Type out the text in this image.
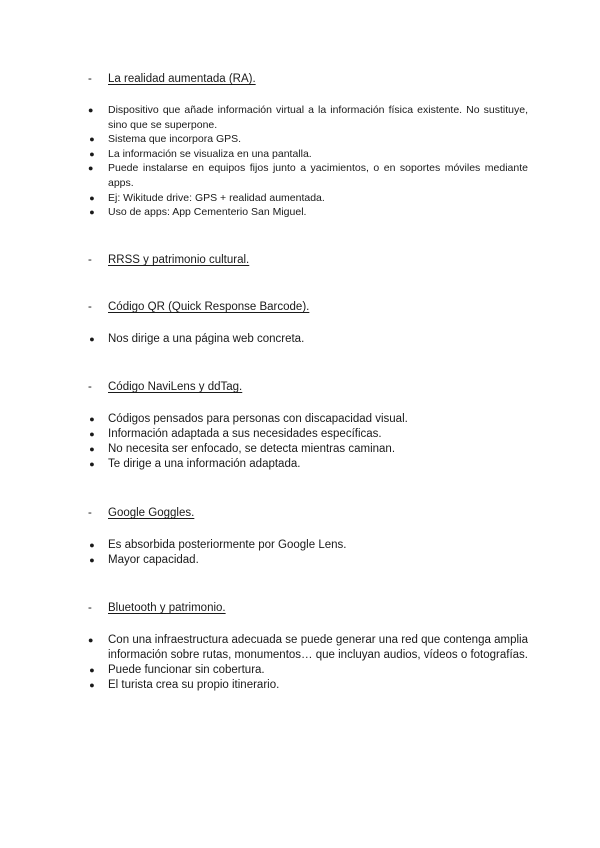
- La realidad aumentada (RA).
● Dispositivo que añade información virtual a la información física existente. No sustituye, sino que se superpone.
● Sistema que incorpora GPS.
● La información se visualiza en una pantalla.
● Puede instalarse en equipos fijos junto a yacimientos, o en soportes móviles mediante apps.
● Ej: Wikitude drive: GPS + realidad aumentada.
● Uso de apps: App Cementerio San Miguel.
- RRSS y patrimonio cultural.
- Código QR (Quick Response Barcode).
● Nos dirige a una página web concreta.
- Código NaviLens y ddTag.
● Códigos pensados para personas con discapacidad visual.
● Información adaptada a sus necesidades específicas.
● No necesita ser enfocado, se detecta mientras caminan.
● Te dirige a una información adaptada.
- Google Goggles.
● Es absorbida posteriormente por Google Lens.
● Mayor capacidad.
- Bluetooth y patrimonio.
● Con una infraestructura adecuada se puede generar una red que contenga amplia información sobre rutas, monumentos… que incluyan audios, vídeos o fotografías.
● Puede funcionar sin cobertura.
● El turista crea su propio itinerario.
